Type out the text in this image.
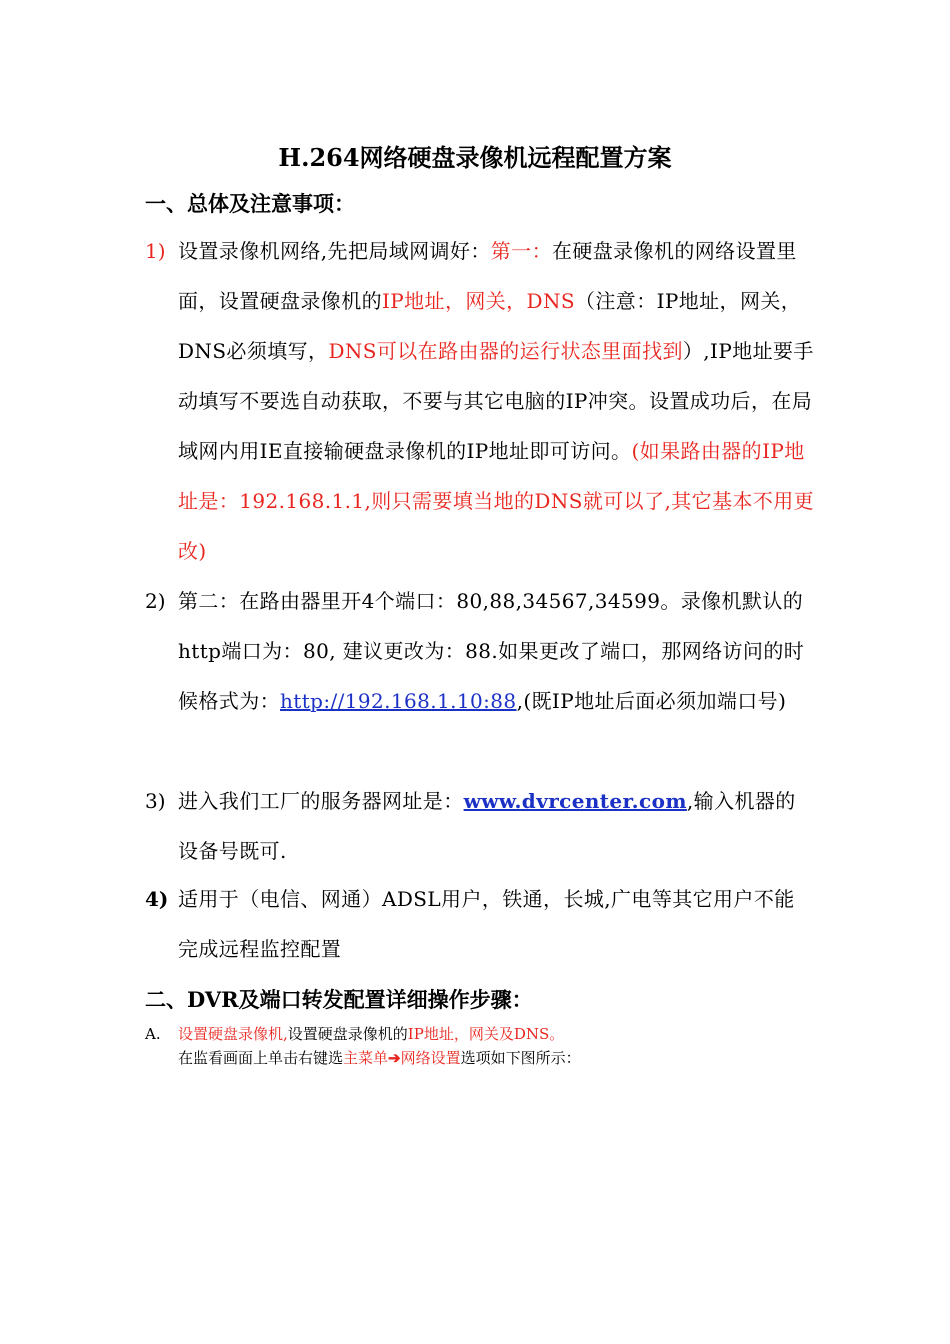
H.264网络硬盘录像机远程配置方案
一、总体及注意事项：
1) 设置录像机网络,先把局域网调好：第一：在硬盘录像机的网络设置里面，设置硬盘录像机的IP地址，网关，DNS（注意：IP地址，网关，DNS必须填写，DNS可以在路由器的运行状态里面找到）,IP地址要手动填写不要选自动获取，不要与其它电脑的IP冲突。设置成功后，在局域网内用IE直接输硬盘录像机的IP地址即可访问。(如果路由器的IP地址是：192.168.1.1,则只需要填当地的DNS就可以了,其它基本不用更改)
2) 第二：在路由器里开4个端口：80,88,34567,34599。录像机默认的http端口为：80, 建议更改为：88.如果更改了端口，那网络访问的时候格式为：http://192.168.1.10:88,(既IP地址后面必须加端口号)
3) 进入我们工厂的服务器网址是：www.dvrcenter.com,输入机器的设备号既可.
4) 适用于（电信、网通）ADSL用户，铁通，长城,广电等其它用户不能完成远程监控配置
二、DVR及端口转发配置详细操作步骤：
A. 设置硬盘录像机,设置硬盘录像机的IP地址，网关及DNS。
在监看画面上单击右键选主菜单➔网络设置选项如下图所示：
